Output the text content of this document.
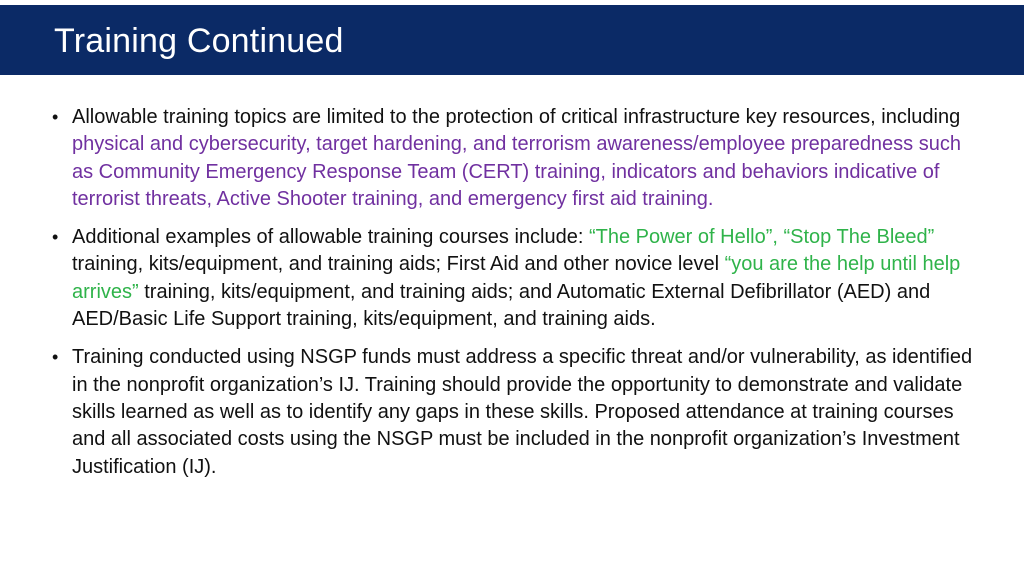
Training Continued
• Allowable training topics are limited to the protection of critical infrastructure key resources, including physical and cybersecurity, target hardening, and terrorism awareness/employee preparedness such as Community Emergency Response Team (CERT) training, indicators and behaviors indicative of terrorist threats, Active Shooter training, and emergency first aid training.
• Additional examples of allowable training courses include: “The Power of Hello”, “Stop The Bleed” training, kits/equipment, and training aids; First Aid and other novice level “you are the help until help arrives” training, kits/equipment, and training aids; and Automatic External Defibrillator (AED) and AED/Basic Life Support training, kits/equipment, and training aids.
• Training conducted using NSGP funds must address a specific threat and/or vulnerability, as identified in the nonprofit organization’s IJ. Training should provide the opportunity to demonstrate and validate skills learned as well as to identify any gaps in these skills. Proposed attendance at training courses and all associated costs using the NSGP must be included in the nonprofit organization’s Investment Justification (IJ).
